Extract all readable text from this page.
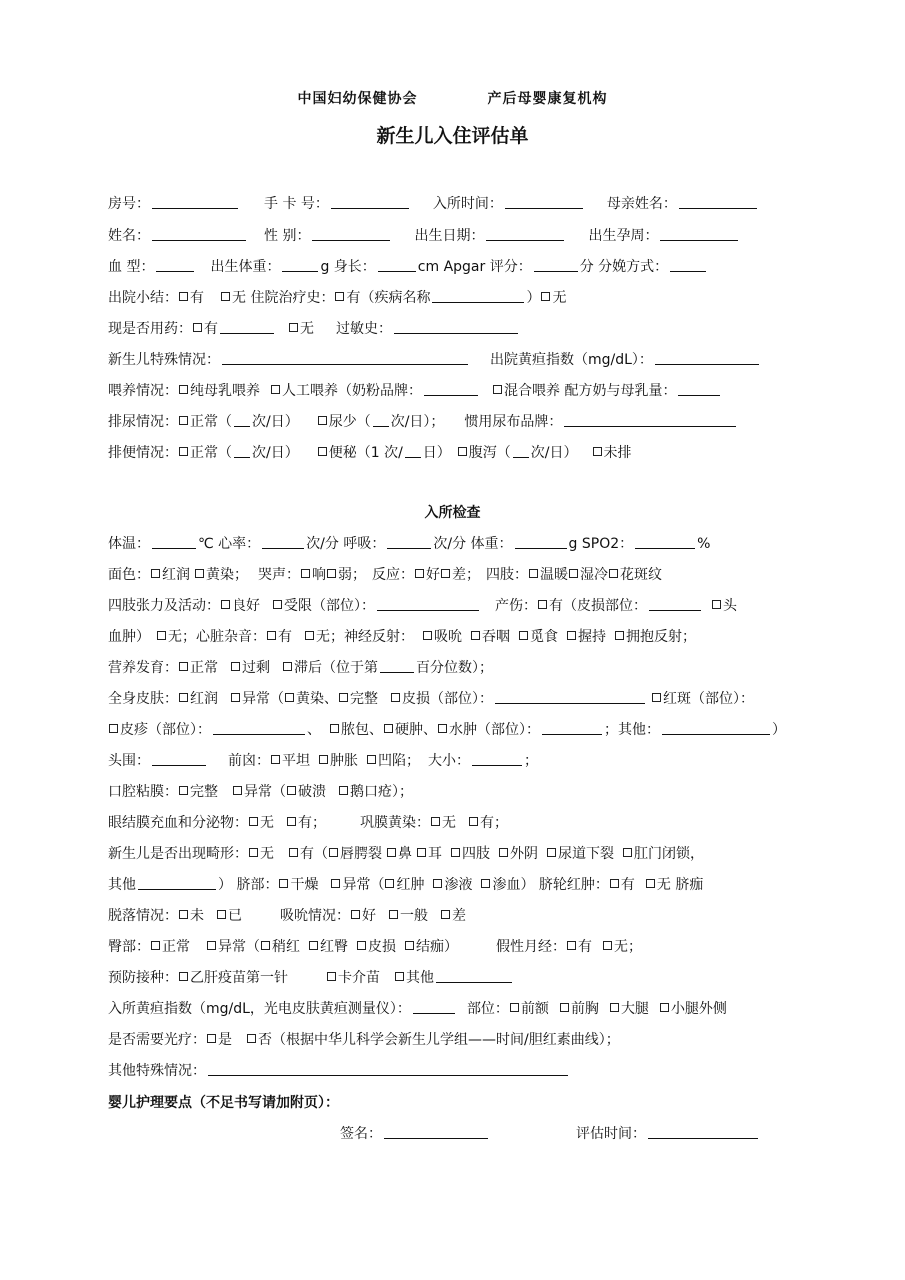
中国妇幼保健协会	产后母婴康复机构
新生儿入住评估单
房号：	手 卡 号：	入所时间：	母亲姓名：
姓名：	性 别：	出生日期：	出生孕周：
血 型：	出生体重：	g 身长：	cm Apgar 评分：	分 分娩方式：
出院小结： 有 无 住院治疗史： 有（疾病名称	） 无
现是否用药： 有	无 过敏史：
新生儿特殊情况：	出院黄疸指数（mg/dL）：
喂养情况： 纯母乳喂养 人工喂养（奶粉品牌：	混合喂养 配方奶与母乳量：
排尿情况： 正常（ 次/日） 尿少（ 次/日）； 惯用尿布品牌：
排便情况： 正常（ 次/日） 便秘（1 次/ 日） 腹泻（ 次/日） 未排
入所检查
体温：	℃ 心率：	次/分 呼吸：	次/分 体重：	g SPO2：	%
面色： 红润 黄染； 哭声： 响 弱； 反应： 好 差； 四肢： 温暖 湿冷 花斑纹
四肢张力及活动： 良好 受限（部位）：	产伤： 有（皮损部位：	头
血肿） 无；心脏杂音： 有 无；神经反射： 吸吮 吞咽 觅食 握持 拥抱反射；
营养发育： 正常 过剩 滞后（位于第	百分位数）；
全身皮肤： 红润 异常（ 黄染、 完整 皮损（部位）：	红斑（部位）：
皮疹（部位）：	、 脓包、 硬肿、 水肿（部位）：	；其他：	）
头围：	前囟： 平坦 肿胀 凹陷； 大小：	；
口腔粘膜： 完整 异常（ 破溃 鹅口疮）；
眼结膜充血和分泌物： 无 有； 巩膜黄染： 无 有；
新生儿是否出现畸形： 无 有（ 唇腭裂 鼻 耳 四肢 外阴 尿道下裂 肛门闭锁，
其他	） 脐部： 干燥 异常（ 红肿 渗液 渗血） 脐轮红肿： 有 无 脐痂
脱落情况： 未 已	吸吮情况： 好 一般 差
臀部： 正常 异常（ 稍红 红臀 皮损 结痂）	假性月经： 有 无；
预防接种： 乙肝疫苗第一针	卡介苗 其他
入所黄疸指数（mg/dL，光电皮肤黄疸测量仪）：	部位： 前额 前胸 大腿 小腿外侧
是否需要光疗： 是 否（根据中华儿科学会新生儿学组——时间/胆红素曲线）；
其他特殊情况：
婴儿护理要点（不足书写请加附页）：
签名：	评估时间：
